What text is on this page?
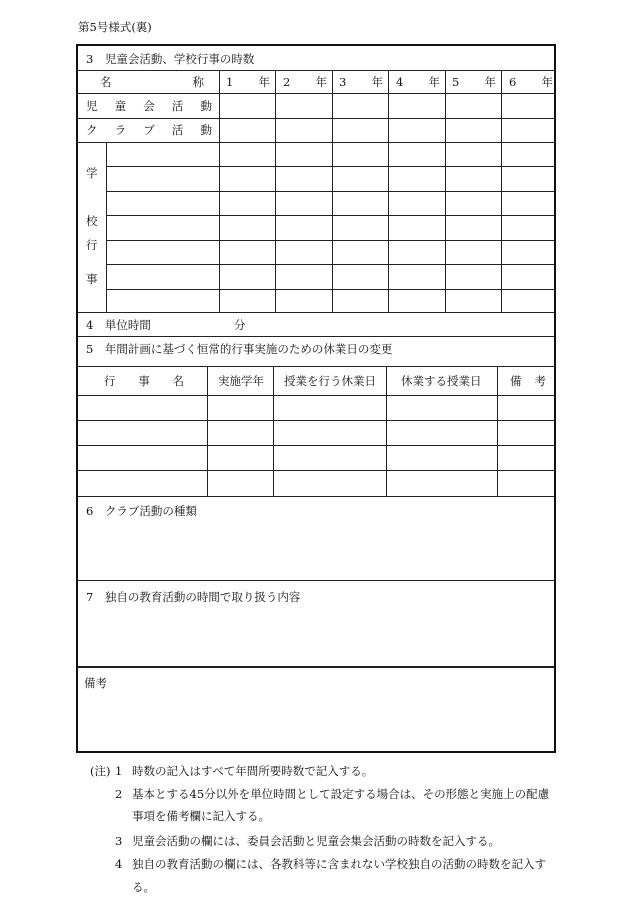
第5号様式(裏)
3　児童会活動、学校行事の時数
名	称 1 年 2 年 3 年 4 年 5 年 6 年
児 童 会 活 動
ク ラ ブ 活 動
学
校
行
事
4　単位時間	分
5　年間計画に基づく恒常的行事実施のための休業日の変更
行 事 名	実施学年 授業を行う休業日 休業する授業日 備 考
6　クラブ活動の種類
7　独自の教育活動の時間で取り扱う内容
備考
(注) 1 時数の記入はすべて年間所要時数で記入する。
2 基本とする45分以外を単位時間として設定する場合は、その形態と実施上の配慮
事項を備考欄に記入する。
3 児童会活動の欄には、委員会活動と児童会集会活動の時数を記入する。
4 独自の教育活動の欄には、各教科等に含まれない学校独自の活動の時数を記入す
る。
